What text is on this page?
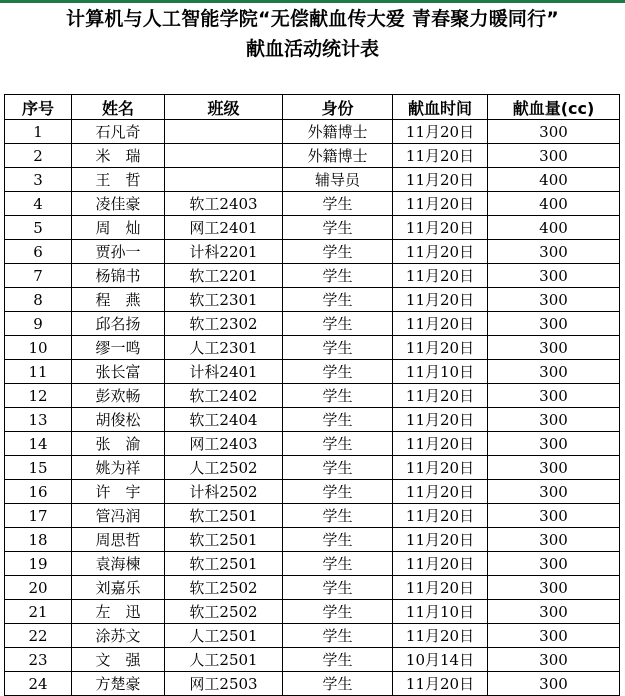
计算机与人工智能学院“无偿献血传大爱 青春聚力暖同行”
献血活动统计表
序号	姓名	班级	身份	献血时间	献血量(cc)
1	石凡奇		外籍博士	11月20日	300
2	米　瑞		外籍博士	11月20日	300
3	王　哲		辅导员	11月20日	400
4	凌佳豪	软工2403	学生	11月20日	400
5	周　灿	网工2401	学生	11月20日	400
6	贾孙一	计科2201	学生	11月20日	300
7	杨锦书	软工2201	学生	11月20日	300
8	程　燕	软工2301	学生	11月20日	300
9	邱名扬	软工2302	学生	11月20日	300
10	缪一鸣	人工2301	学生	11月20日	300
11	张长富	计科2401	学生	11月10日	300
12	彭欢畅	软工2402	学生	11月20日	300
13	胡俊松	软工2404	学生	11月20日	300
14	张　渝	网工2403	学生	11月20日	300
15	姚为祥	人工2502	学生	11月20日	300
16	许　宇	计科2502	学生	11月20日	300
17	管冯润	软工2501	学生	11月20日	300
18	周思哲	软工2501	学生	11月20日	300
19	袁海楝	软工2501	学生	11月20日	300
20	刘嘉乐	软工2502	学生	11月20日	300
21	左　迅	软工2502	学生	11月10日	300
22	涂苏文	人工2501	学生	11月20日	300
23	文　强	人工2501	学生	10月14日	300
24	方楚豪	网工2503	学生	11月20日	300
